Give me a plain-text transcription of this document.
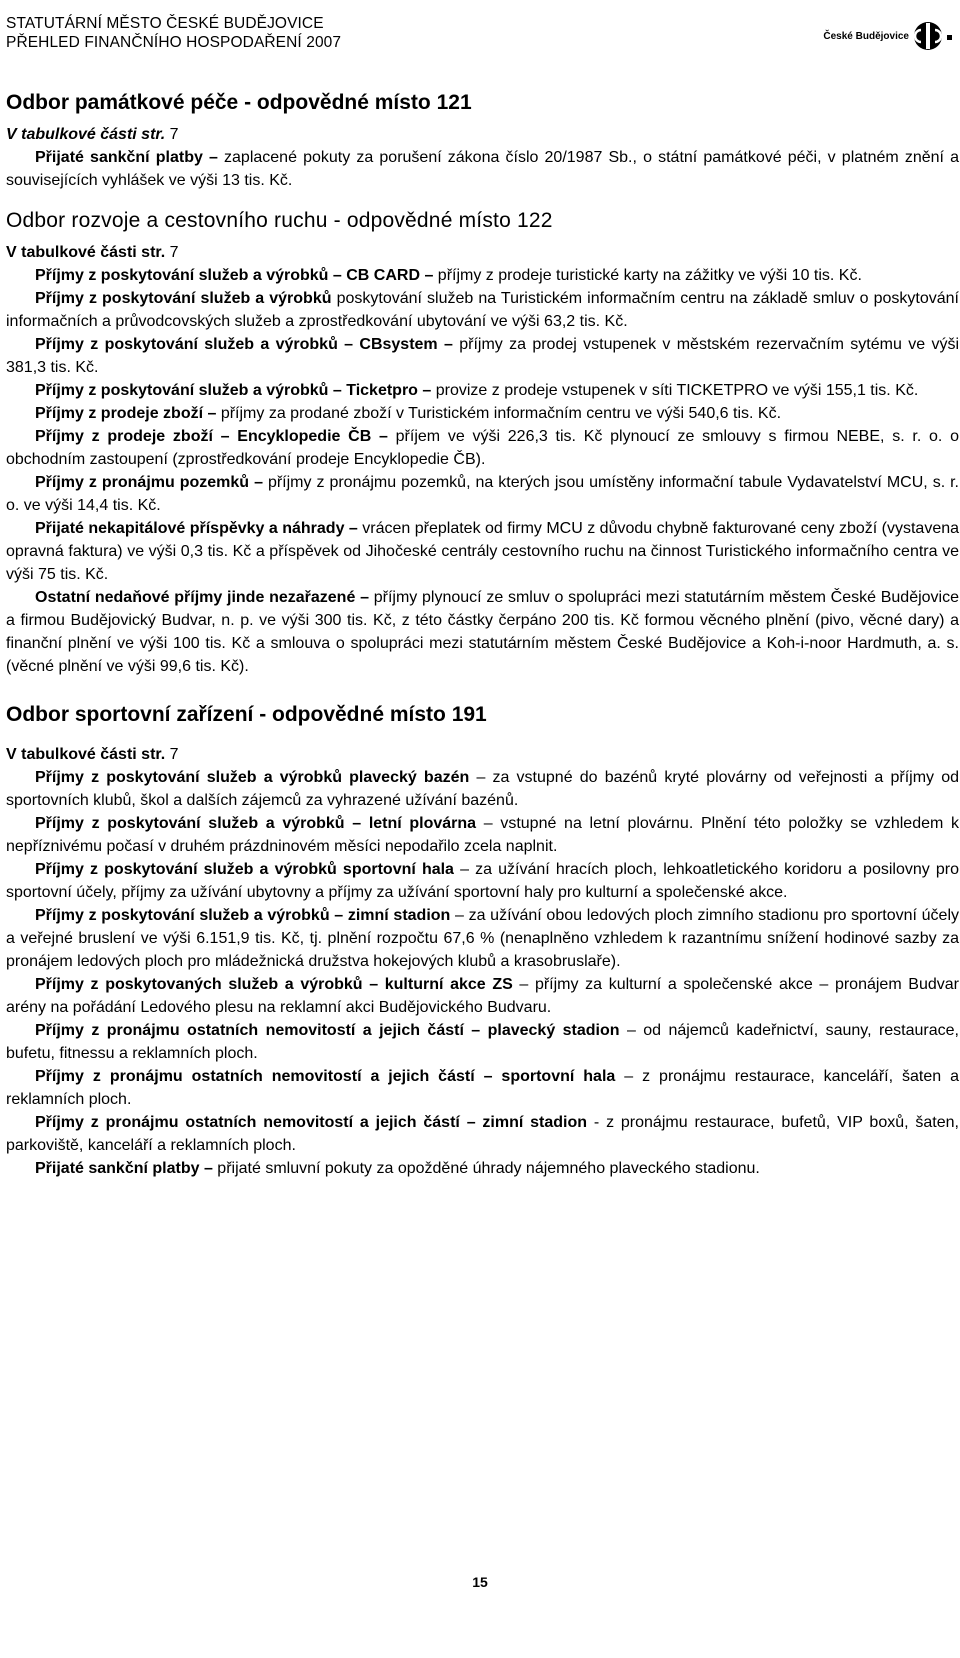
STATUTÁRNÍ MĚSTO ČESKÉ BUDĚJOVICE
PŘEHLED FINANČNÍHO HOSPODAŘENÍ 2007	České Budějovice
Odbor památkové péče - odpovědné místo 121
V tabulkové části str. 7

Přijaté sankční platby – zaplacené pokuty za porušení zákona číslo 20/1987 Sb., o státní památkové péči, v platném znění a souvisejících vyhlášek ve výši 13 tis. Kč.

Odbor rozvoje a cestovního ruchu - odpovědné místo 122
V tabulkové části str. 7

Příjmy z poskytování služeb a výrobků – CB CARD – příjmy z prodeje turistické karty na zážitky ve výši 10 tis. Kč.

Příjmy z poskytování služeb a výrobků poskytování služeb na Turistickém informačním centru na základě smluv o poskytování informačních a průvodcovských služeb a zprostředkování ubytování ve výši 63,2 tis. Kč.

Příjmy z poskytování služeb a výrobků – CBsystem – příjmy za prodej vstupenek v městském rezervačním sytému ve výši 381,3 tis. Kč.

Příjmy z poskytování služeb a výrobků – Ticketpro – provize z prodeje vstupenek v síti TICKETPRO ve výši 155,1 tis. Kč.

Příjmy z prodeje zboží – příjmy za prodané zboží v Turistickém informačním centru ve výši 540,6 tis. Kč.

Příjmy z prodeje zboží – Encyklopedie ČB – příjem ve výši 226,3 tis. Kč plynoucí ze smlouvy s firmou NEBE, s. r. o. o obchodním zastoupení (zprostředkování prodeje Encyklopedie ČB).

Příjmy z pronájmu pozemků – příjmy z pronájmu pozemků, na kterých jsou umístěny informační tabule Vydavatelství MCU, s. r. o. ve výši 14,4 tis. Kč.

Přijaté nekapitálové příspěvky a náhrady – vrácen přeplatek od firmy MCU z důvodu chybně fakturované ceny zboží (vystavena opravná faktura) ve výši 0,3 tis. Kč a příspěvek od Jihočeské centrály cestovního ruchu na činnost Turistického informačního centra ve výši 75 tis. Kč.

Ostatní nedaňové příjmy jinde nezařazené – příjmy plynoucí ze smluv o spolupráci mezi statutárním městem České Budějovice a firmou Budějovický Budvar, n. p. ve výši 300 tis. Kč, z této částky čerpáno 200 tis. Kč formou věcného plnění (pivo, věcné dary) a finanční plnění ve výši 100 tis. Kč a smlouva o spolupráci mezi statutárním městem České Budějovice a Koh-i-noor Hardmuth, a. s. (věcné plnění ve výši 99,6 tis. Kč).

Odbor sportovní zařízení - odpovědné místo 191
V tabulkové části str. 7

Příjmy z poskytování služeb a výrobků plavecký bazén – za vstupné do bazénů kryté plovárny od veřejnosti a příjmy od sportovních klubů, škol a dalších zájemců za vyhrazené užívání bazénů.

Příjmy z poskytování služeb a výrobků – letní plovárna – vstupné na letní plovárnu. Plnění této položky se vzhledem k nepříznivému počasí v druhém prázdninovém měsíci nepodařilo zcela naplnit.

Příjmy z poskytování služeb a výrobků sportovní hala – za užívání hracích ploch, lehkoatletického koridoru a posilovny pro sportovní účely, příjmy za užívání ubytovny a příjmy za užívání sportovní haly pro kulturní a společenské akce.

Příjmy z poskytování služeb a výrobků – zimní stadion – za užívání obou ledových ploch zimního stadionu pro sportovní účely a veřejné bruslení ve výši 6.151,9 tis. Kč, tj. plnění rozpočtu 67,6 % (nenaplněno vzhledem k razantnímu snížení hodinové sazby za pronájem ledových ploch pro mládežnická družstva hokejových klubů a krasobruslaře).

Příjmy z poskytovaných služeb a výrobků – kulturní akce ZS – příjmy za kulturní a společenské akce – pronájem Budvar arény na pořádání Ledového plesu na reklamní akci Budějovického Budvaru.

Příjmy z pronájmu ostatních nemovitostí a jejich částí – plavecký stadion – od nájemců kadeřnictví, sauny, restaurace, bufetu, fitnessu a reklamních ploch.

Příjmy z pronájmu ostatních nemovitostí a jejich částí – sportovní hala – z pronájmu restaurace, kanceláří, šaten a reklamních ploch.

Příjmy z pronájmu ostatních nemovitostí a jejich částí – zimní stadion - z pronájmu restaurace, bufetů, VIP boxů, šaten, parkoviště, kanceláří a reklamních ploch.

Přijaté sankční platby – přijaté smluvní pokuty za opožděné úhrady nájemného plaveckého stadionu.

15
